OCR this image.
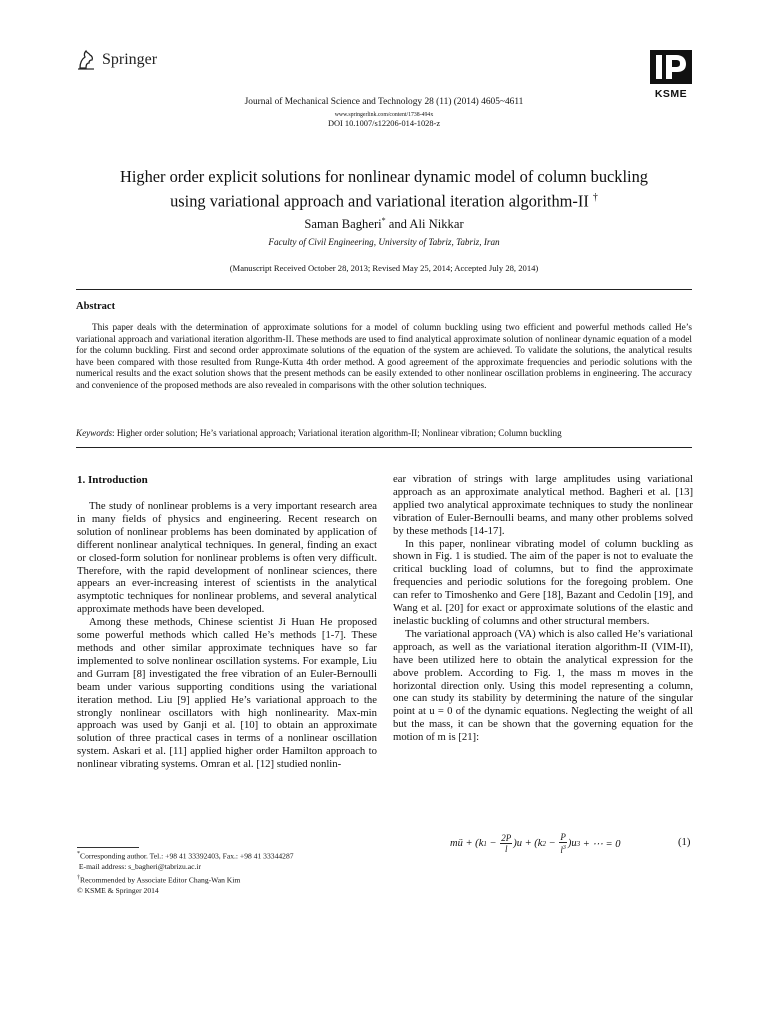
Springer
KSME
Journal of Mechanical Science and Technology 28 (11) (2014) 4605~4611
www.springerlink.com/content/1738-494x
DOI 10.1007/s12206-014-1028-z
Higher order explicit solutions for nonlinear dynamic model of column buckling
using variational approach and variational iteration algorithm-II †
Saman Bagheri* and Ali Nikkar
Faculty of Civil Engineering, University of Tabriz, Tabriz, Iran
(Manuscript Received October 28, 2013; Revised May 25, 2014; Accepted July 28, 2014)
Abstract
This paper deals with the determination of approximate solutions for a model of column buckling using two efficient and powerful methods called He’s variational approach and variational iteration algorithm-II. These methods are used to find analytical approximate solution of nonlinear dynamic equation of a model for the column buckling. First and second order approximate solutions of the equation of the system are achieved. To validate the solutions, the analytical results have been compared with those resulted from Runge-Kutta 4th order method. A good agreement of the approximate frequencies and periodic solutions with the numerical results and the exact solution shows that the present methods can be easily extended to other nonlinear oscillation problems in engineering. The accuracy and convenience of the proposed methods are also revealed in comparisons with the other solution techniques.
Keywords: Higher order solution; He’s variational approach; Variational iteration algorithm-II; Nonlinear vibration; Column buckling
1. Introduction

The study of nonlinear problems is a very important research area in many fields of physics and engineering. Recent research on solution of nonlinear problems has been dominated by application of different nonlinear analytical techniques. In general, finding an exact or closed-form solution for nonlinear problems is often very difficult. Therefore, with the rapid development of nonlinear sciences, there appears an ever-increasing interest of scientists in the analytical asymptotic techniques for nonlinear problems, and several analytical approximate methods have been developed.

Among these methods, Chinese scientist Ji Huan He proposed some powerful methods which called He’s methods [1-7]. These methods and other similar approximate techniques have so far implemented to solve nonlinear oscillation systems. For example, Liu and Gurram [8] investigated the free vibration of an Euler-Bernoulli beam under various supporting conditions using the variational iteration method. Liu [9] applied He’s variational approach to the strongly nonlinear oscillators with high nonlinearity. Max-min approach was used by Ganji et al. [10] to obtain an approximate solution of three practical cases in terms of a nonlinear oscillation system. Askari et al. [11] applied higher order Hamilton approach to nonlinear vibrating systems. Omran et al. [12] studied nonlin-

ear vibration of strings with large amplitudes using variational approach as an approximate analytical method. Bagheri et al. [13] applied two analytical approximate techniques to study the nonlinear vibration of Euler-Bernoulli beams, and many other problems solved by these methods [14-17].

In this paper, nonlinear vibrating model of column buckling as shown in Fig. 1 is studied. The aim of the paper is not to evaluate the critical buckling load of columns, but to find the approximate frequencies and periodic solutions for the foregoing problem. One can refer to Timoshenko and Gere [18], Bazant and Cedolin [19], and Wang et al. [20] for exact or approximate solutions of the elastic and inelastic buckling of columns and other structural members.

The variational approach (VA) which is also called He’s variational approach, as well as the variational iteration algorithm-II (VIM-II), have been utilized here to obtain the analytical expression for the above problem. According to Fig. 1, the mass m moves in the horizontal direction only. Using this model representing a column, one can study its stability by determining the nature of the singular point at u = 0 of the dynamic equations. Neglecting the weight of all but the mass, it can be shown that the governing equation for the motion of m is [21]:

mü + ( k $1 - \frac{2P}{l}$ ) u + ( k $2 - \frac{P}{l^3}$ ) u 3 + ⋯ = 0	(1)

*Corresponding author. Tel.: +98 41 33392403, Fax.: +98 41 33344287

E-mail address: s_bagheri@tabrizu.ac.ir

†Recommended by Associate Editor Chang-Wan Kim

© KSME & Springer 2014
